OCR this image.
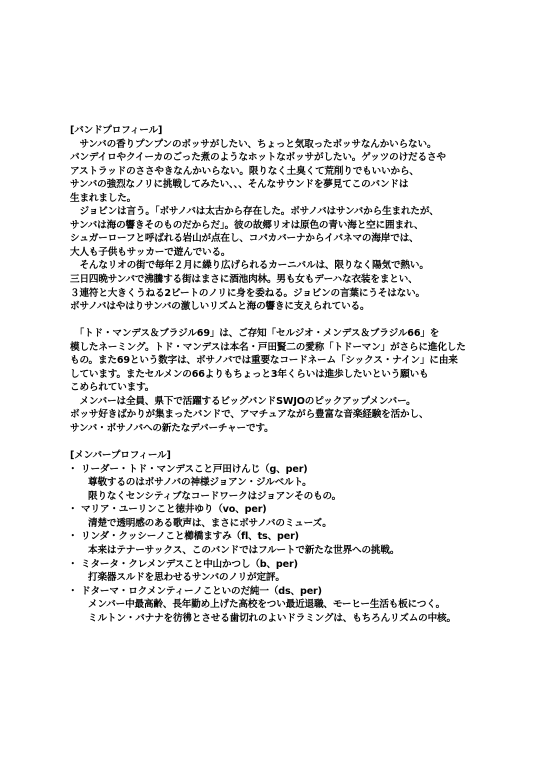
[バンドプロフィール]
　サンバの香りプンプンのボッサがしたい、ちょっと気取ったボッサなんかいらない。
パンデイロやクイーカのごった煮のようなホットなボッサがしたい。ゲッツのけだるさや
アストラッドのささやきなんかいらない。限りなく土臭くて荒削りでもいいから、
サンバの強烈なノリに挑戦してみたい、、、そんなサウンドを夢見てこのバンドは
生まれました。
　ジョビンは言う。「ボサノバは太古から存在した。ボサノバはサンバから生まれたが、
サンバは海の響きそのものだからだ」。彼の故郷リオは原色の青い海と空に囲まれ、
シュガーローフと呼ばれる岩山が点在し、コパカバーナからイパネマの海岸では、
大人も子供もサッカーで遊んでいる。
　そんなリオの街で毎年２月に繰り広げられるカーニバルは、限りなく陽気で熱い。
三日四晩サンバで沸騰する街はまさに酒池肉林。男も女もデーハな衣装をまとい、
３連符と大きくうねる2ビートのノリに身を委ねる。ジョビンの言葉にうそはない。
ボサノバはやはりサンバの激しいリズムと海の響きに支えられている。
　「トド・マンデス＆ブラジル69」は、ご存知「セルジオ・メンデス＆ブラジル66」を
模したネーミング。トド・マンデスは本名・戸田賢二の愛称「トドーマン」がさらに進化した
もの。また69という数字は、ボサノバでは重要なコードネーム「シックス・ナイン」に由来
しています。またセルメンの66よりもちょっと3年くらいは進歩したいという願いも
こめられています。
　メンバーは全員、県下で活躍するビッグバンドSWJOのピックアップメンバー。
ボッサ好きばかりが集まったバンドで、アマチュアながら豊富な音楽経験を活かし、
サンバ・ボサノバへの新たなデパーチャーです。
[メンバープロフィール]
・ リーダー・トド・マンデスこと戸田けんじ（g、per)
尊敬するのはボサノバの神様ジョアン・ジルベルト。
限りなくセンシティブなコードワークはジョアンそのもの。
・ マリア・ユーリンこと徳井ゆり（vo、per)
清楚で透明感のある歌声は、まさにボサノバのミューズ。
・ リンダ・クッシーノこと櫛橋ますみ（fl、ts、per)
本来はテナーサックス、このバンドではフルートで新たな世界への挑戦。
・ ミタータ・クレメンデスこと中山かつし（b、per)
打楽器スルドを思わせるサンバのノリが定評。
・ ドターマ・ロクメンティーノこといのだ純一（ds、per)
メンバー中最高齢、長年勤め上げた高校をつい最近退職、モーヒー生活も板につく。
ミルトン・バナナを彷彿とさせる歯切れのよいドラミングは、もちろんリズムの中核。
